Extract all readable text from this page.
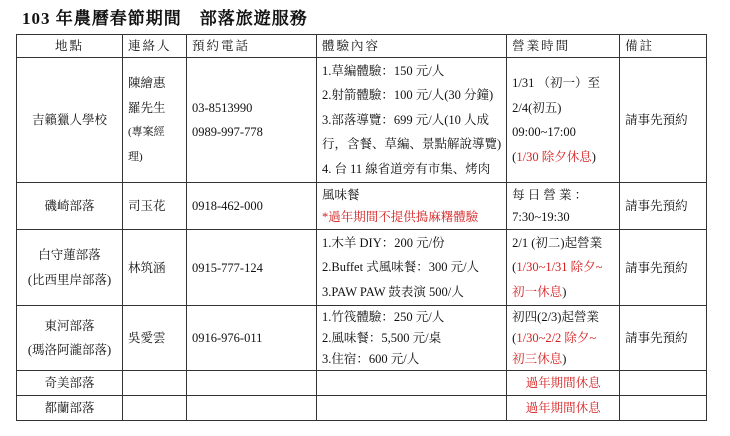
103 年農曆春節期間　部落旅遊服務
地點	連絡人	預約電話	體驗內容	營業時間	備註

吉籟獵人學校	陳繪惠
羅先生
(專案經
理)	03-8513990
0989-997-778	1.草編體驗：150 元/人
2.射箭體驗：100 元/人(30 分鐘)
3.部落導覽：699 元/人(10 人成
行，含餐、草編、景點解說導覽)
4. 台 11 線省道旁有市集、烤肉	1/31 （初一）至
2/4(初五)
09:00~17:00
(1/30 除夕休息)	請事先預約

磯崎部落	司玉花	0918-462-000	風味餐
*過年期間不提供搗麻糬體驗	每 日 營 業 ：
7:30~19:30	請事先預約

白守蓮部落
(比西里岸部落)	林筑涵	0915-777-124	1.木羊 DIY：200 元/份
2.Buffet 式風味餐：300 元/人
3.PAW PAW 鼓表演 500/人	2/1 (初二)起營業
(1/30~1/31 除夕~
初一休息)	請事先預約

東河部落
(瑪洛阿瀧部落)	吳愛雲	0916-976-011	1.竹筏體驗：250 元/人
2.風味餐：5,500 元/桌
3.住宿：600 元/人	初四(2/3)起營業
(1/30~2/2 除夕~
初三休息)	請事先預約
奇美部落				過年期間休息	
都蘭部落				過年期間休息	
